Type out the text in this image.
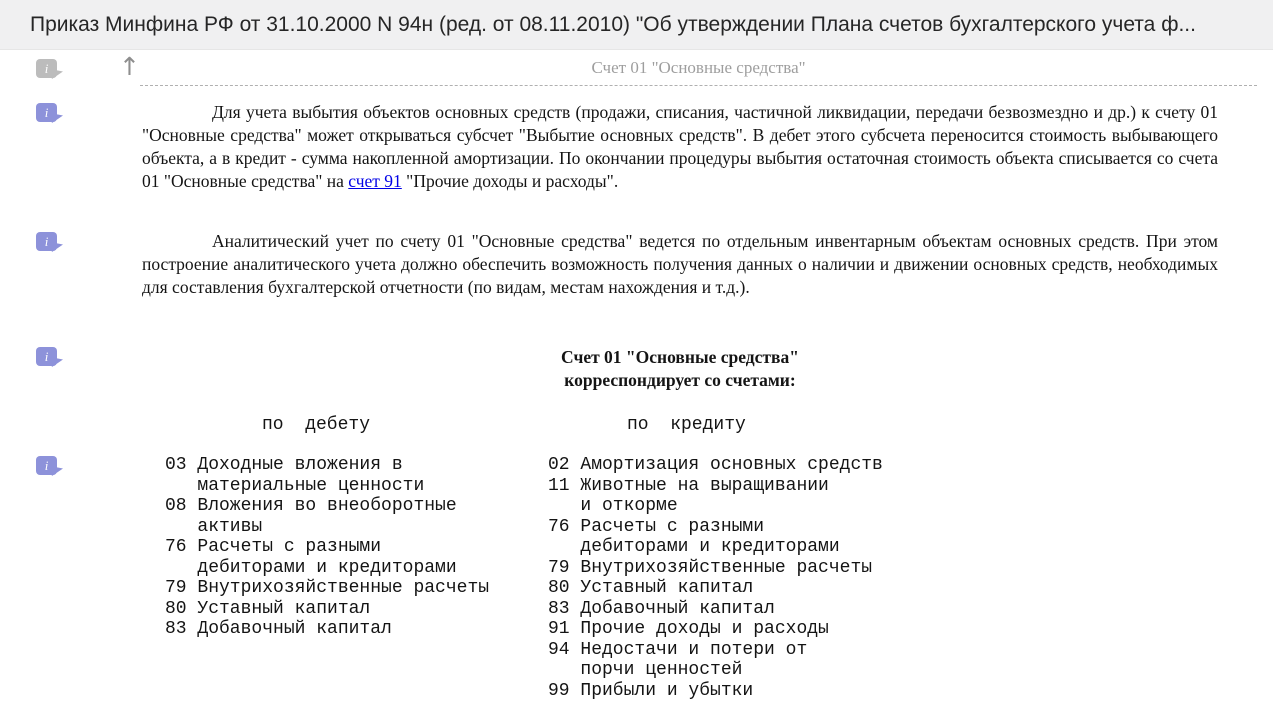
Приказ Минфина РФ от 31.10.2000 N 94н (ред. от 08.11.2010) "Об утверждении Плана счетов бухгалтерского учета ф...
i
i
i
i
i
↑	Счет 01 "Основные средства"

Для учета выбытия объектов основных средств (продажи, списания, частичной ликвидации, передачи безвозмездно и др.) к счету 01 "Основные средства" может открываться субсчет "Выбытие основных средств". В дебет этого субсчета переносится стоимость выбывающего объекта, а в кредит - сумма накопленной амортизации. По окончании процедуры выбытия остаточная стоимость объекта списывается со счета 01 "Основные средства" на счет 91 "Прочие доходы и расходы".

Аналитический учет по счету 01 "Основные средства" ведется по отдельным инвентарным объектам основных средств. При этом построение аналитического учета должно обеспечить возможность получения данных о наличии и движении основных средств, необходимых для составления бухгалтерской отчетности (по видам, местам нахождения и т.д.).

Счет 01 "Основные средства"
корреспондирует со счетами:
по  дебету	по  кредиту
03 Доходные вложения в
материальные ценности
08 Вложения во внеоборотные
активы
76 Расчеты с разными
дебиторами и кредиторами
79 Внутрихозяйственные расчеты
80 Уставный капитал
83 Добавочный капитал
02 Амортизация основных средств
11 Животные на выращивании
и откорме
76 Расчеты с разными
дебиторами и кредиторами
79 Внутрихозяйственные расчеты
80 Уставный капитал
83 Добавочный капитал
91 Прочие доходы и расходы
94 Недостачи и потери от
порчи ценностей
99 Прибыли и убытки
